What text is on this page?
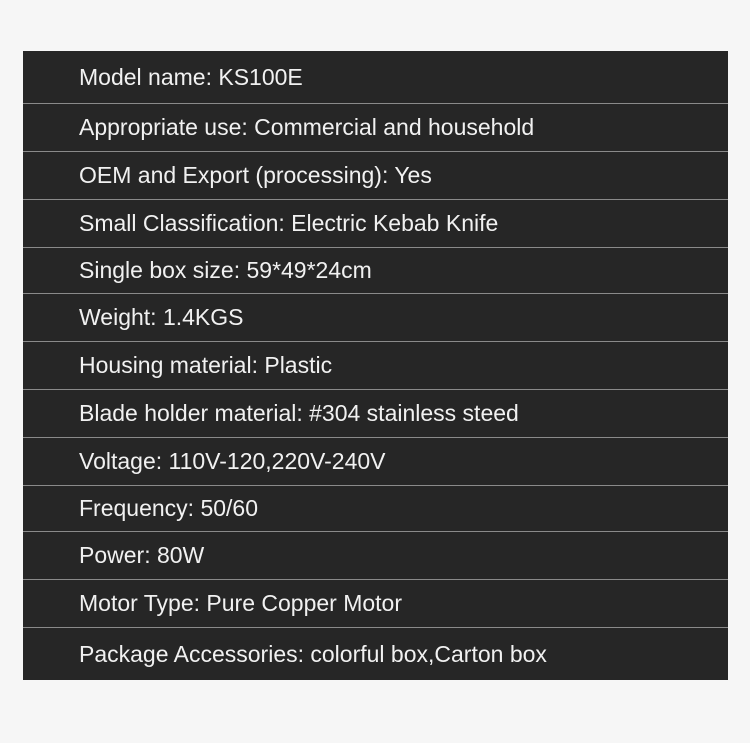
Model name: KS100E
Appropriate use: Commercial and household
OEM and Export (processing): Yes
Small Classification: Electric Kebab Knife
Single box size: 59*49*24cm
Weight: 1.4KGS
Housing material: Plastic
Blade holder material: #304 stainless steed
Voltage: 110V-120,220V-240V
Frequency: 50/60
Power: 80W
Motor Type: Pure Copper Motor
Package Accessories: colorful box,Carton box
